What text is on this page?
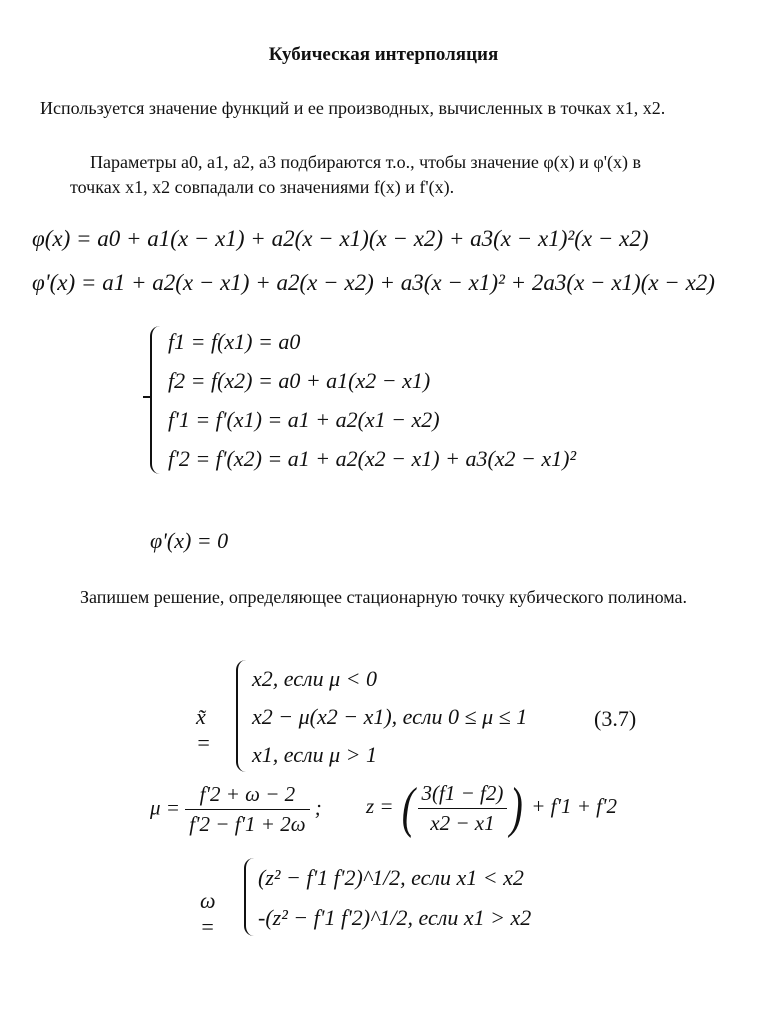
Кубическая интерполяция
Используется значение функций и ее производных, вычисленных в точках x1, x2.
Параметры a0, a1, a2, a3 подбираются т.о., чтобы значение φ(x) и φ'(x) в
точках x1, x2 совпадали со значениями f(x) и f'(x).
φ(x) = a0 + a1(x − x1) + a2(x − x1)(x − x2) + a3(x − x1)²(x − x2)
φ'(x) = a1 + a2(x − x1) + a2(x − x2) + a3(x − x1)² + 2a3(x − x1)(x − x2)
f1 = f(x1) = a0
f2 = f(x2) = a0 + a1(x2 − x1)
f'1 = f'(x1) = a1 + a2(x1 − x2)
f'2 = f'(x2) = a1 + a2(x2 − x1) + a3(x2 − x1)²
φ'(x) = 0
Запишем решение, определяющее стационарную точку кубического полинома.
x̃ =
x2, если μ < 0
x2 − μ(x2 − x1), если 0 ≤ μ ≤ 1
x1, если μ > 1
(3.7)
$\mu = \frac{f'2 + \omega - 2}{f'2 - f'1 + 2\omega}$ ; z = ( $\frac{3(f1 - f2)}{x2 - x1}$ ) + f'1 + f'2
ω =
(z² − f'1 f'2)^1/2, если x1 < x2
-(z² − f'1 f'2)^1/2, если x1 > x2
